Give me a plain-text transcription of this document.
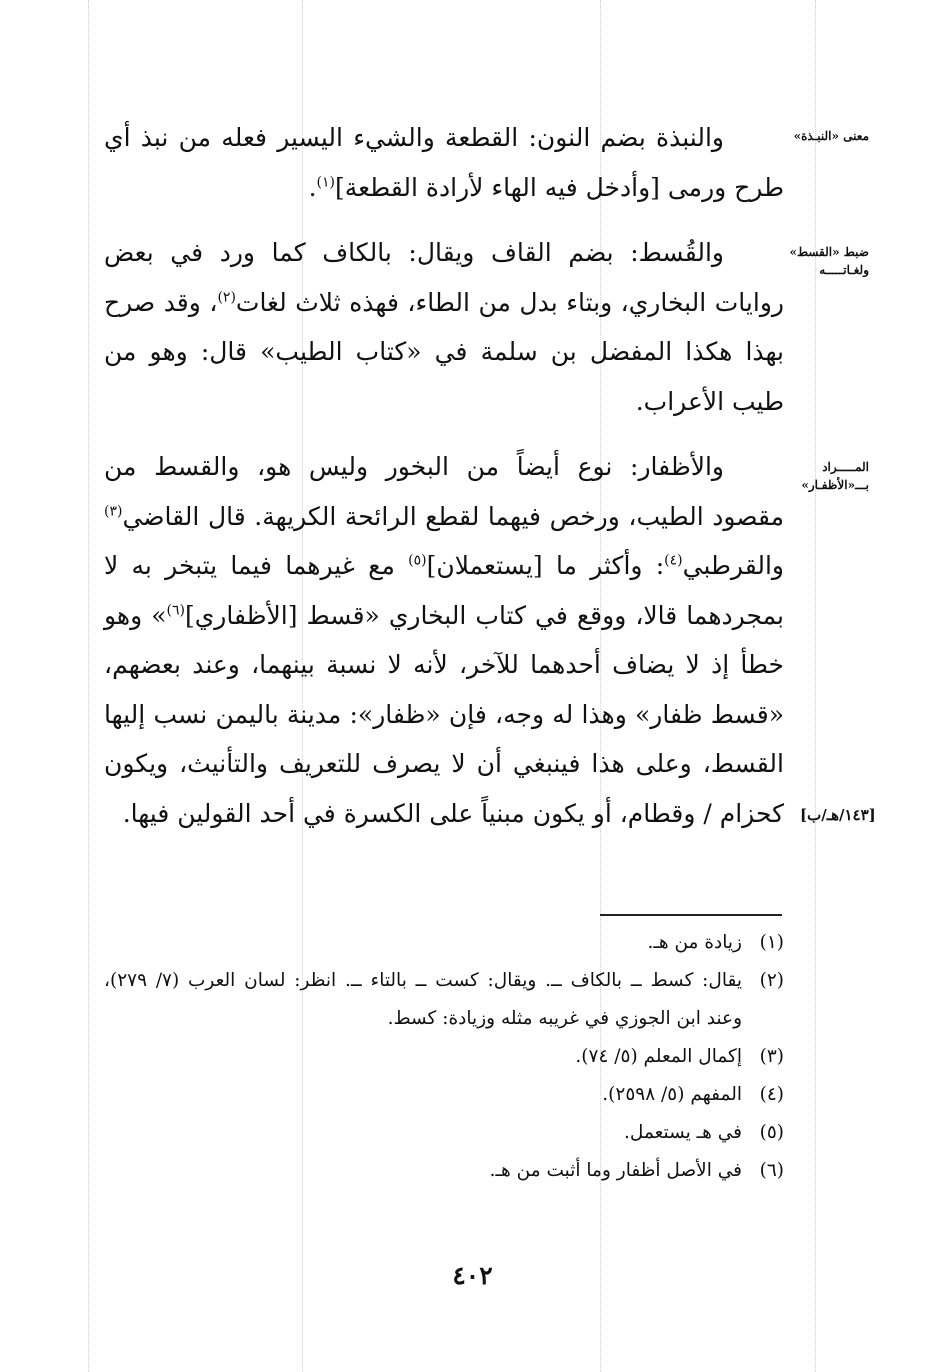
معنى «النبـذة»
ضبط «القسط» ولغـاتـــــه
المـــــراد بـــ«الأظفـار»
[١٤٣/هـ/ب]
والنبذة بضم النون: القطعة والشيء اليسير فعله من نبذ أي طرح ورمى [وأدخل فيه الهاء لأرادة القطعة]$^{(١)}$.
والقُسط: بضم القاف ويقال: بالكاف كما ورد في بعض روايات البخاري، وبتاء بدل من الطاء، فهذه ثلاث لغات$^{(٢)}$، وقد صرح بهذا هكذا المفضل بن سلمة في «كتاب الطيب» قال: وهو من طيب الأعراب.
والأظفار: نوع أيضاً من البخور وليس هو، والقسط من مقصود الطيب، ورخص فيهما لقطع الرائحة الكريهة. قال القاضي$^{(٣)}$ والقرطبي$^{(٤)}$: وأكثر ما [يستعملان]$^{(٥)}$ مع غيرهما فيما يتبخر به لا بمجردهما قالا، ووقع في كتاب البخاري «قسط [الأظفاري]$^{(٦)}$» وهو خطأ إذ لا يضاف أحدهما للآخر، لأنه لا نسبة بينهما، وعند بعضهم، «قسط ظفار» وهذا له وجه، فإن «ظفار»: مدينة باليمن نسب إليها القسط، وعلى هذا فينبغي أن لا يصرف للتعريف والتأنيث، ويكون كحزام / وقطام، أو يكون مبنياً على الكسرة في أحد القولين فيها.
(١)
زيادة من هـ.
(٢)
يقال: كسط ــ بالكاف ــ. ويقال: كست ــ بالتاء ــ. انظر: لسان العرب (٧/ ٢٧٩)، وعند ابن الجوزي في غريبه مثله وزيادة: كسط.
(٣)
إكمال المعلم (٥/ ٧٤).
(٤)
المفهم (٥/ ٢٥٩٨).
(٥)
في هـ يستعمل.
(٦)
في الأصل أظفار وما أثبت من هـ.
٤٠٢
